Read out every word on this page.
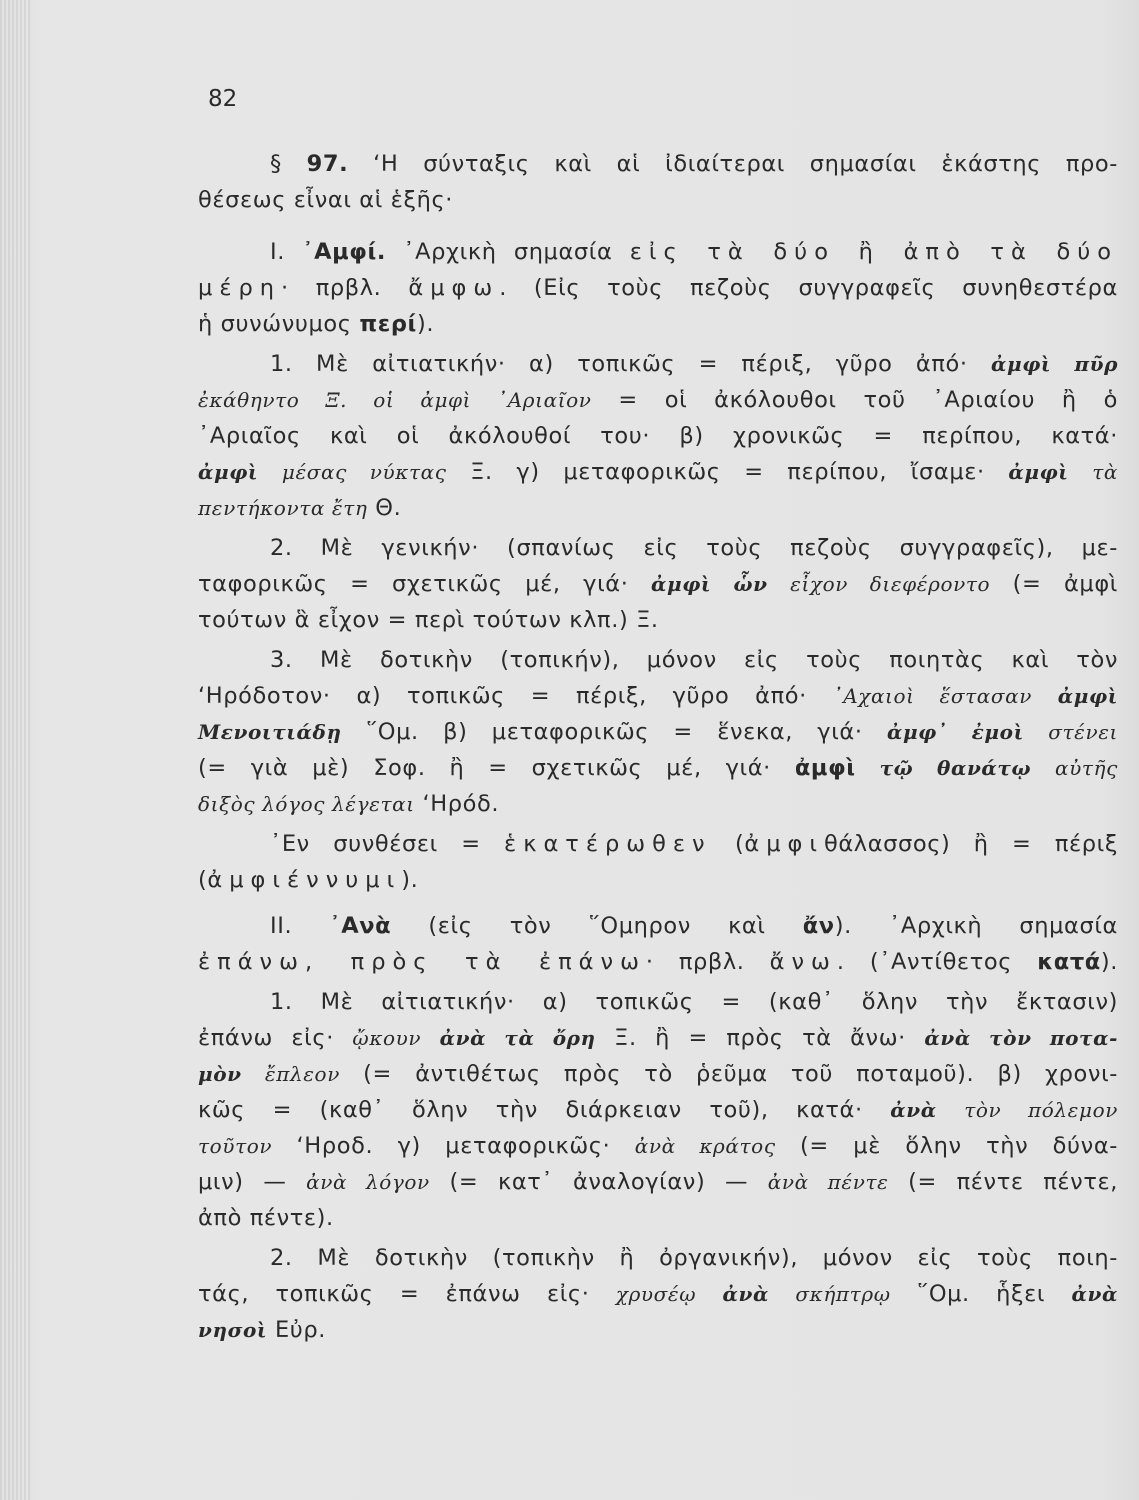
82
§ 97. ‘Η σύνταξις καὶ αἱ ἰδιαίτεραι σημασίαι ἑκάστης προ-
θέσεως εἶναι αἱ ἑξῆς·
I. ᾽Αμφί. ᾽Αρχικὴ σημασία εἰς τὰ δύο ἢ ἀπὸ τὰ δύο
μέρη· πρβλ. ἄμφω. (Εἰς τοὺς πεζοὺς συγγραφεῖς συνηθεστέρα
ἡ συνώνυμος περί).
1. Μὲ αἰτιατικήν· α) τοπικῶς = πέριξ, γῦρο ἀπό· ἀμφὶ πῦρ
ἐκάθηντο Ξ. οἱ ἀμφὶ ᾽Αριαῖον = οἱ ἀκόλουθοι τοῦ ᾽Αριαίου ἢ ὁ
᾽Αριαῖος καὶ οἱ ἀκόλουθοί του· β) χρονικῶς = περίπου, κατά·
ἀμφὶ μέσας νύκτας Ξ. γ) μεταφορικῶς = περίπου, ἴσαμε· ἀμφὶ τὰ
πεντήκοντα ἔτη Θ.
2. Μὲ γενικήν· (σπανίως εἰς τοὺς πεζοὺς συγγραφεῖς), με-
ταφορικῶς = σχετικῶς μέ, γιά· ἀμφὶ ὧν εἶχον διεφέροντο (= ἀμφὶ
τούτων ἃ εἶχον = περὶ τούτων κλπ.) Ξ.
3. Μὲ δοτικὴν (τοπικήν), μόνον εἰς τοὺς ποιητὰς καὶ τὸν
‘Ηρόδοτον· α) τοπικῶς = πέριξ, γῦρο ἀπό· ᾽Αχαιοὶ ἕστασαν ἀμφὶ
Μενοιτιάδῃ ῞Ομ. β) μεταφορικῶς = ἕνεκα, γιά· ἀμφ᾽ ἐμοὶ στένει
(= γιὰ μὲ) Σοφ. ἢ = σχετικῶς μέ, γιά· ἀμφὶ τῷ θανάτῳ αὐτῆς
διξὸς λόγος λέγεται ‘Ηρόδ.
᾽Εν συνθέσει = ἑκατέρωθεν (ἀμφιθάλασσος) ἢ = πέριξ
(ἀμφιέννυμι).
II. ᾽Ανὰ (εἰς τὸν ῞Ομηρον καὶ ἄν). ᾽Αρχικὴ σημασία
ἐπάνω, πρὸς τὰ ἐπάνω· πρβλ. ἄνω. (᾽Αντίθετος κατά).
1. Μὲ αἰτιατικήν· α) τοπικῶς = (καθ᾽ ὅλην τὴν ἔκτασιν)
ἐπάνω εἰς· ᾤκουν ἀνὰ τὰ ὄρη Ξ. ἢ = πρὸς τὰ ἄνω· ἀνὰ τὸν ποτα-
μὸν ἔπλεον (= ἀντιθέτως πρὸς τὸ ῥεῦμα τοῦ ποταμοῦ). β) χρονι-
κῶς = (καθ᾽ ὅλην τὴν διάρκειαν τοῦ), κατά· ἀνὰ τὸν πόλεμον
τοῦτον ‘Ηροδ. γ) μεταφορικῶς· ἀνὰ κράτος (= μὲ ὅλην τὴν δύνα-
μιν) — ἀνὰ λόγον (= κατ᾽ ἀναλογίαν) — ἀνὰ πέντε (= πέντε πέντε,
ἀπὸ πέντε).
2. Μὲ δοτικὴν (τοπικὴν ἢ ὀργανικήν), μόνον εἰς τοὺς ποιη-
τάς, τοπικῶς = ἐπάνω εἰς· χρυσέῳ ἀνὰ σκήπτρῳ ῞Ομ. ἧξει ἀνὰ
νησοὶ Εὐρ.
